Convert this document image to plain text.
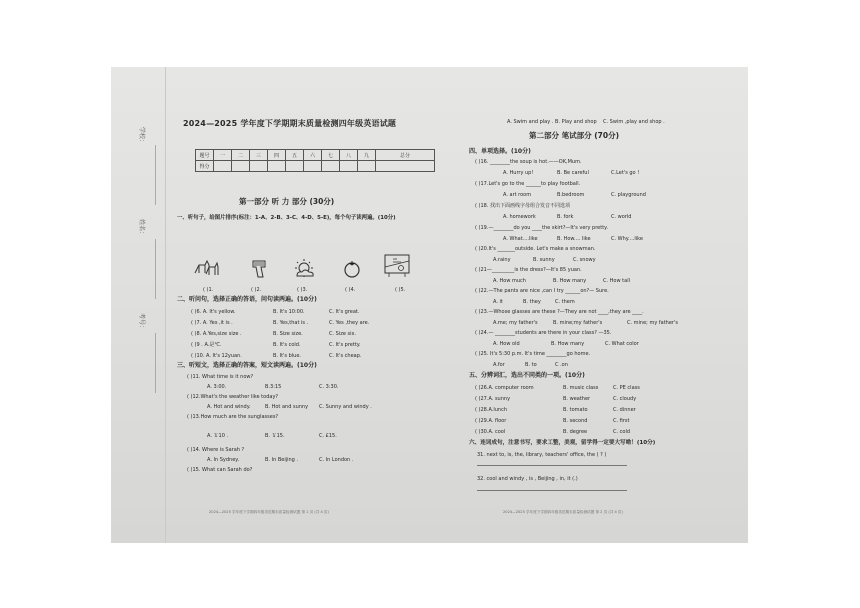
学校：
姓名：
考号：
2024—2025 学年度下学期期末质量检测四年级英语试题
题号	一	二	三	四	五	六	七	八	九	总分
得分										
第一部分 听 力 部分 (30分)
一、听句子，给图片排序(标注：1-A、2-B、3-C、4-D、5-E)，每个句子读两遍。(10分)
( )1.	( )2.	( )3.	( )4.	( )5.
二、听问句，选择正确的答语，问句读两遍。(10分)
( )6. A. It's yellow.	B. It's 10:00.	C. It's great.
( )7. A. Yes ,it is .	B. Yes,that is .	C. Yes ,they are.
( )8. A.Yes,size size .	B. Size size.	C. Size six.
( )9 . A.是℃.	B. It's cold.	C. It's pretty.
( )10. A. It's 12yuan.	B. It's blue.	C. It's cheap.
三、听短文，选择正确的答案，短文读两遍。(10分)
( )11. What time is it now?
A. 3:00.	B.3:15	C. 3:30.
( )12.What's the weather like today?
A. Hot and windy.	B. Hot and sunny C. Sunny and windy .
( )13.How much are the sunglasses?
A. ￥10 .	B. ￥15.	C. £15.
( )14. Where is Sarah ?
A. In Sydney.	B. In Beijing .	C. In London .
( )15. What can Sarah do?
2024—2025 学年度下学期四年级英语期末质量检测试题 第 1 页 (共 4 页)
A. Swim and play . B. Play and shop C. Swim ,play and shop .
第二部分 笔试部分 (70分)
四、单项选择。(10分)
( )16. ________the soup is hot.——OK,Mum.
A. Hurry up!	B. Be careful	C.Let's go !
( )17.Let's go to the ______to play football.
A. art room	B.bedroom	C. playground
( )18. 找出下面画线字母组合发音不同选项
A. homework	B. fork	C. world
( )19.—________do you ____the skirt?—It's very pretty.
A. What....like	B. How.... like	C. Why....like
( )20.It's _______outside. Let's make a snowman.
A.rainy	B. sunny	C. snowy
( )21—_________is the dress?—It's 85 yuan.
A. How much	B. How many	C. How tall
( )22.—The pants are nice ,can I try ______on?— Sure.
A. it	B. they	C. them
( )23.—Whose glasses are these ?—They are not ____,they are ____.
A.me; my father's	B. mine;my father's	C. mine; my father's
( )24.— ________students are there in your class? —35.
A. How old	B. How many	C. What color
( )25. It's 5:30 p.m. It's time ________go home.
A.for	B. to	C .on
五、分辨词汇，选出不同类的一项。(10分)
( )26.A. computer room	B. music class	C. PE class
( )27.A. sunny	B. weather	C. cloudy
( )28.A.lunch	B. tomato	C. dinner
( )29.A. floor	B. second	C. first
( )30.A. cool	B. degree	C. cold
六、连词成句，注意书写，要求工整，美观，留学得一定要大写呦！(10分)
31. next to, is, the, library, teachers' office, the ( ? )
32. cool and windy , is , Beijing , in, it (.)
2024—2025 学年度下学期四年级英语期末质量检测试题 第 2 页 (共 4 页)
